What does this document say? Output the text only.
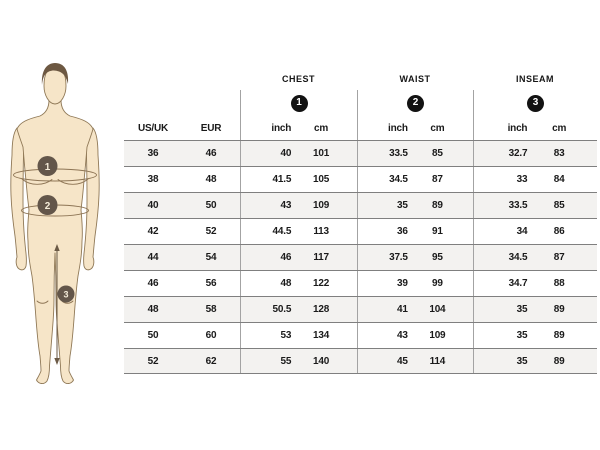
1
2
3
CHEST	WAIST	INSEAM
1	2	3
US/UK	EUR	inch	cm	inch	cm	inch	cm
36	46	40	101	33.5	85	32.7	83
38	48	41.5	105	34.5	87	33	84
40	50	43	109	35	89	33.5	85
42	52	44.5	113	36	91	34	86
44	54	46	117	37.5	95	34.5	87
46	56	48	122	39	99	34.7	88
48	58	50.5	128	41	104	35	89
50	60	53	134	43	109	35	89
52	62	55	140	45	114	35	89
